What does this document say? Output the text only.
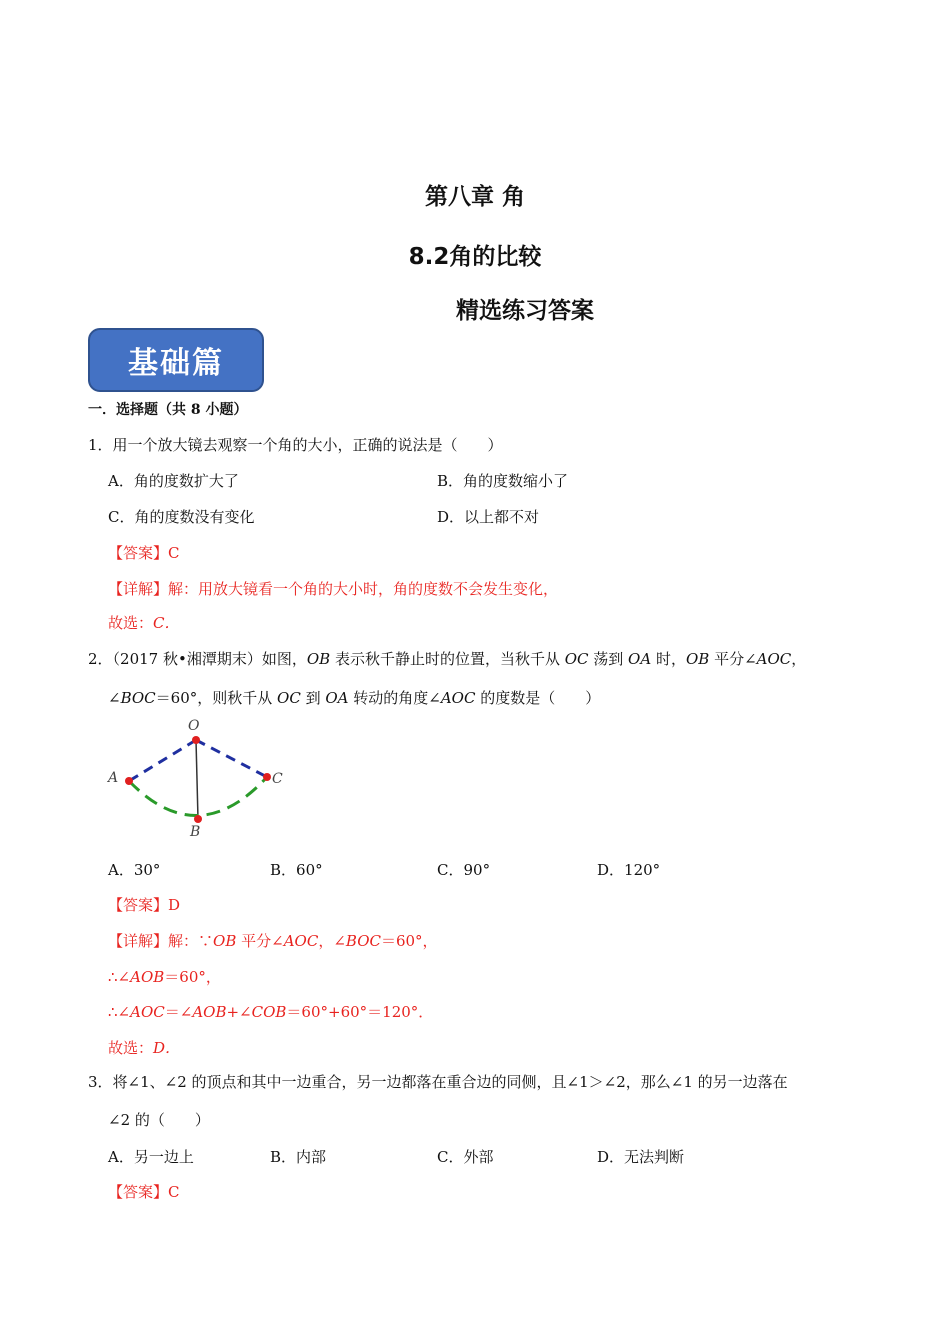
第八章 角
8.2角的比较
精选练习答案
基础篇
一．选择题（共 8 小题）
1．用一个放大镜去观察一个角的大小，正确的说法是（　　）
A．角的度数扩大了	B．角的度数缩小了
C．角的度数没有变化	D．以上都不对
【答案】C
【详解】解：用放大镜看一个角的大小时，角的度数不会发生变化，
故选：C．
2．（2017 秋•湘潭期末）如图，OB 表示秋千静止时的位置，当秋千从 OC 荡到 OA 时，OB 平分∠AOC，
∠BOC＝60°，则秋千从 OC 到 OA 转动的角度∠AOC 的度数是（　　）
O
A	C
B
A．30°	B．60°	C．90°	D．120°
【答案】D
【详解】解：∵OB 平分∠AOC，∠BOC＝60°，
∴∠AOB＝60°，
∴∠AOC＝∠AOB+∠COB＝60°+60°＝120°．
故选：D．
3．将∠1、∠2 的顶点和其中一边重合，另一边都落在重合边的同侧，且∠1＞∠2，那么∠1 的另一边落在
∠2 的（　　）
A．另一边上	B．内部	C．外部	D．无法判断
【答案】C
